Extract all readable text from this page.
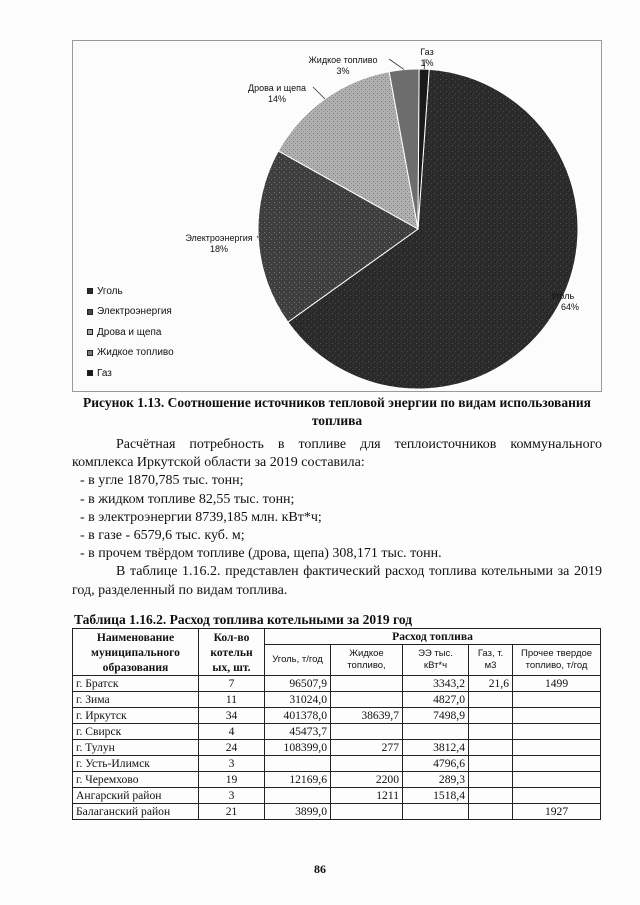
Уголь
64%
Электроэнергия
18%
Дрова и щепа
14%
Жидкое топливо
3%
Газ
1%
Уголь
Электроэнергия
Дрова и щепа
Жидкое топливо
Газ
Рисунок 1.13. Соотношение источников тепловой энергии по видам использования топлива

Расчётная потребность в топливе для теплоисточников коммунального комплекса Иркутской области за 2019 составила:

- в угле 1870,785 тыс. тонн;

- в жидком топливе 82,55 тыс. тонн;

- в электроэнергии 8739,185 млн. кВт*ч;

- в газе - 6579,6 тыс. куб. м;

- в прочем твёрдом топливе (дрова, щепа) 308,171 тыс. тонн.

В таблице 1.16.2. представлен фактический расход топлива котельными за 2019 год, разделенный по видам топлива.

Таблица 1.16.2. Расход топлива котельными за 2019 год
Наименование муниципального образования	Кол-во котельн ых, шт.	Расход топлива				
		Уголь, т/год	Жидкое топливо,	ЭЭ тыс. кВт*ч	Газ, т. м3	Прочее твердое топливо, т/год
г. Братск	7	96507,9		3343,2	21,6	1499
г. Зима	11	31024,0		4827,0		
г. Иркутск	34	401378,0	38639,7	7498,9		
г. Свирск	4	45473,7				
г. Тулун	24	108399,0	277	3812,4		
г. Усть-Илимск	3			4796,6		
г. Черемхово	19	12169,6	2200	289,3		
Ангарский район	3		1211	1518,4		
Балаганский район	21	3899,0				1927
86
